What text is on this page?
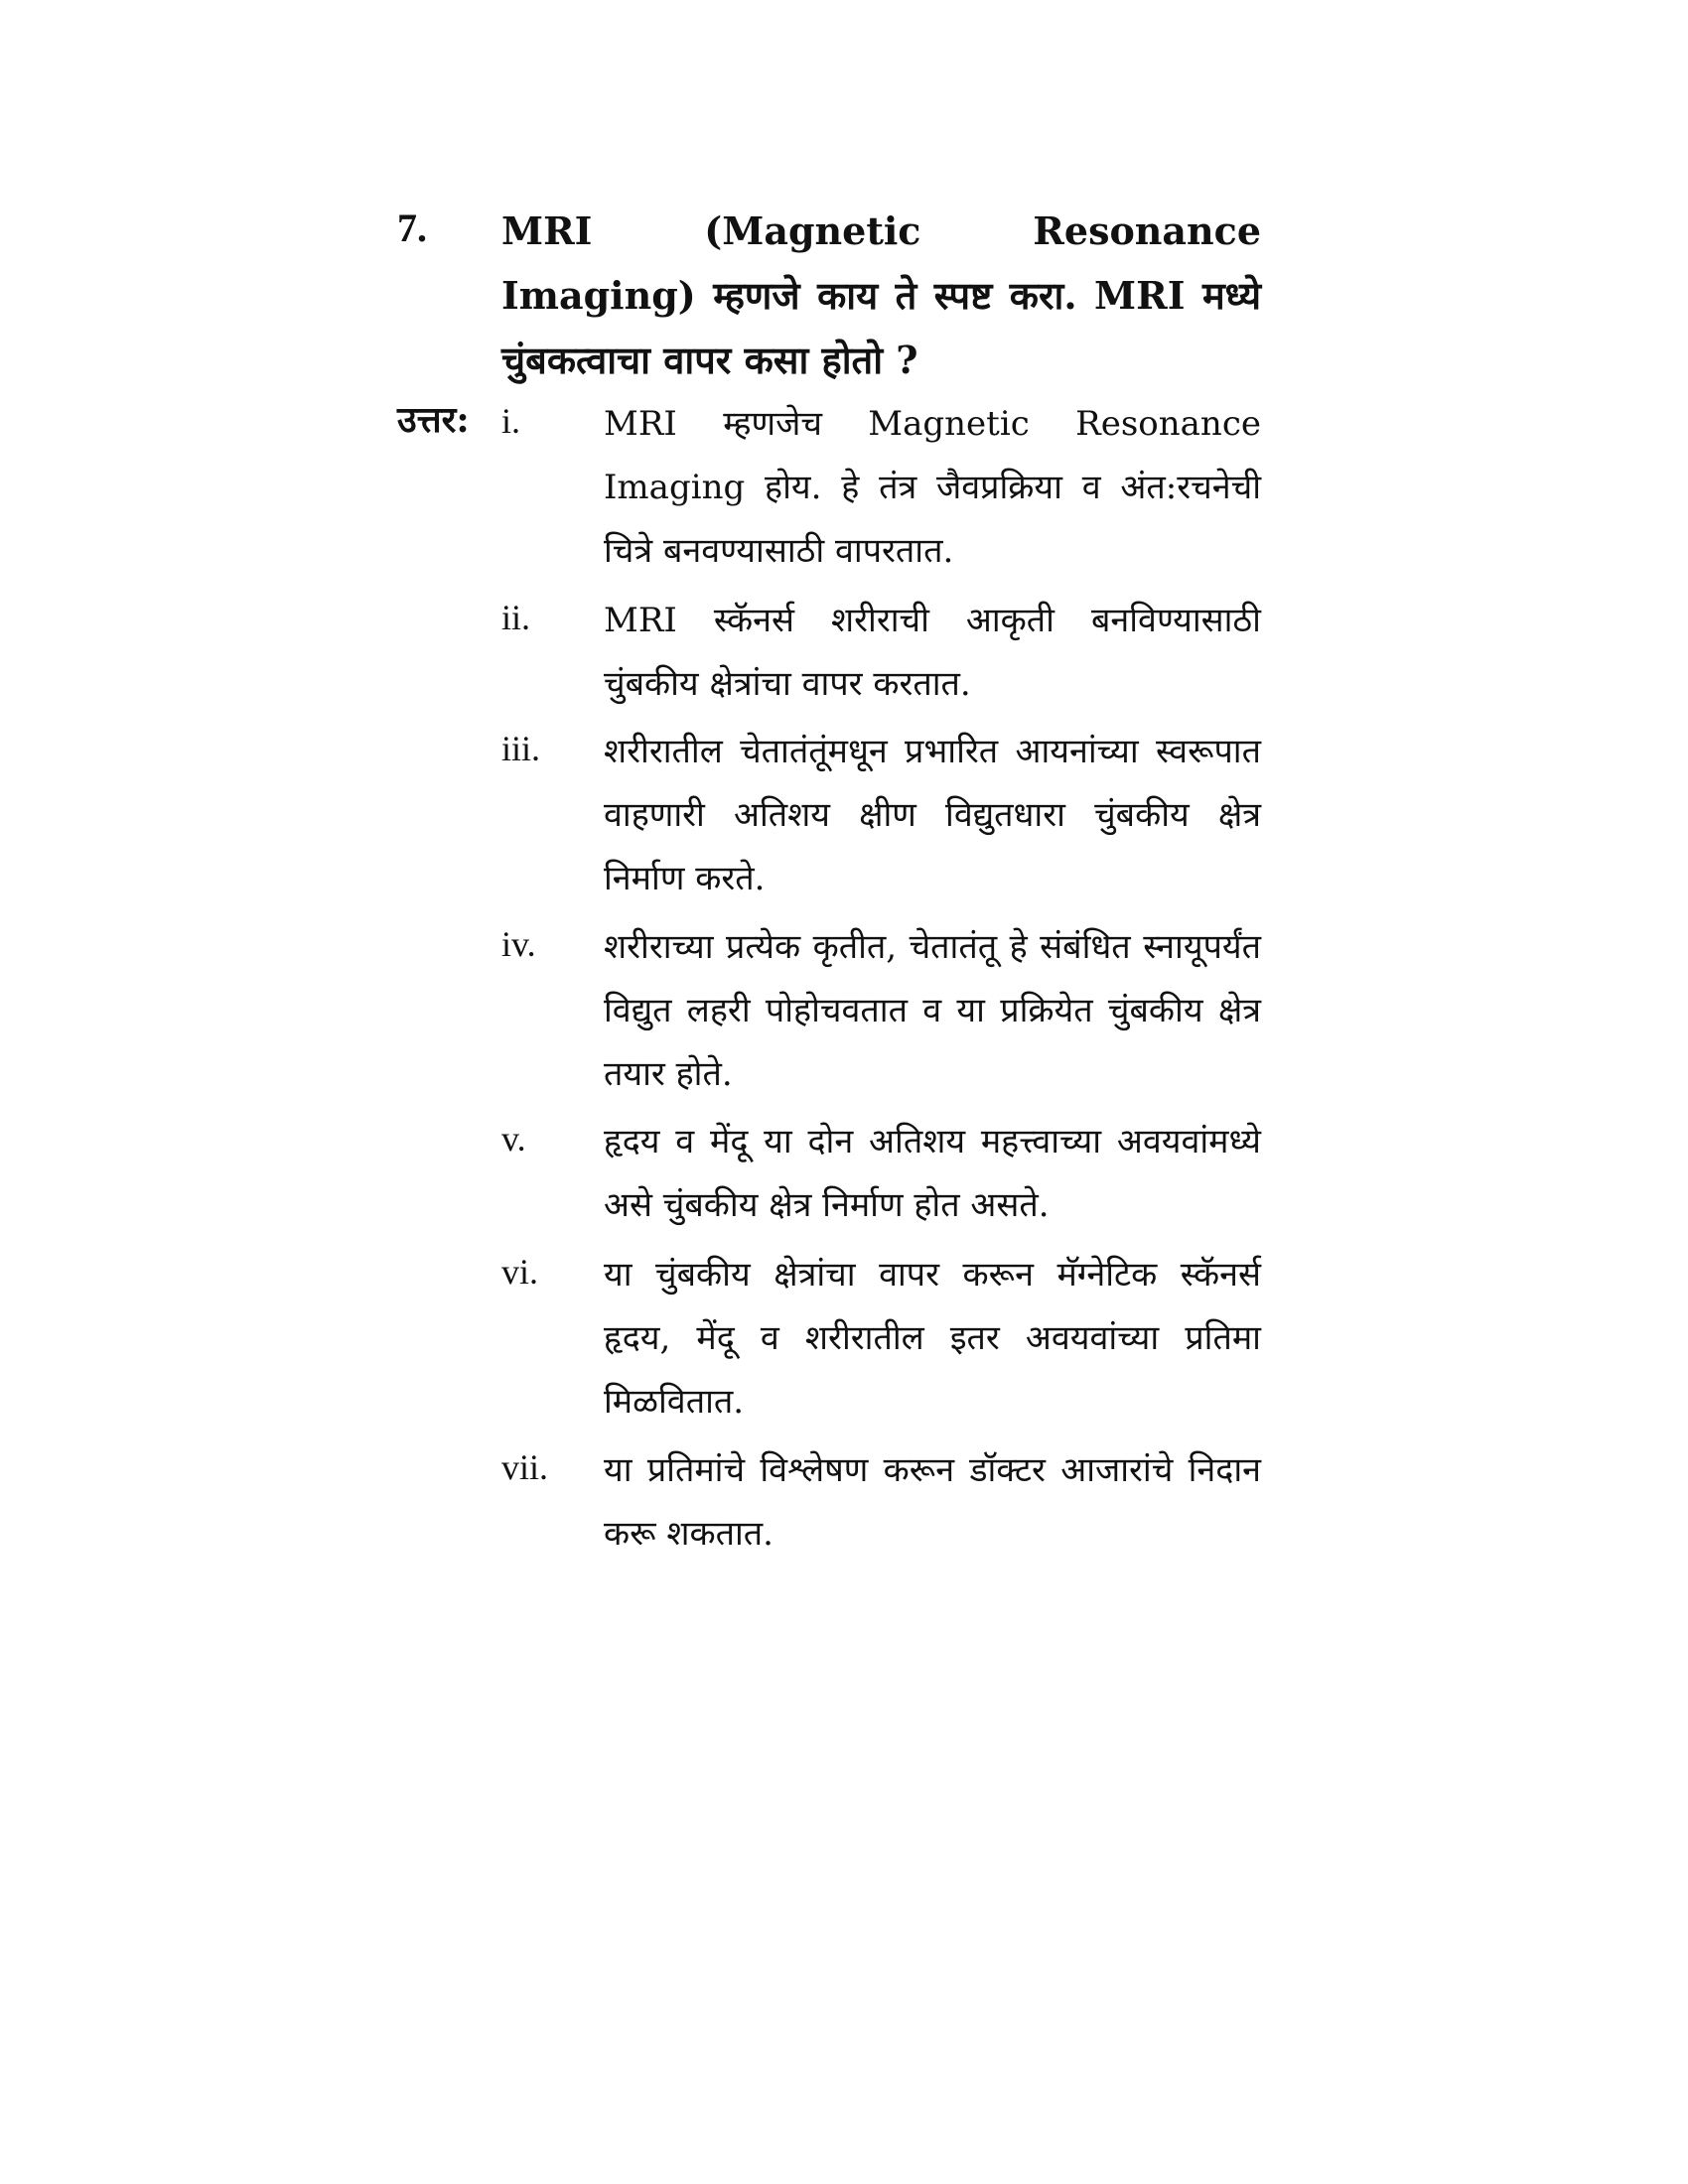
7. MRI (Magnetic Resonance Imaging) म्हणजे काय ते स्पष्ट करा. MRI मध्ये चुंबकत्वाचा वापर कसा होतो ?
उत्तर: i. MRI म्हणजेच Magnetic Resonance Imaging होय. हे तंत्र जैवप्रक्रिया व अंत:रचनेची चित्रे बनवण्यासाठी वापरतात.
ii. MRI स्कॅनर्स शरीराची आकृती बनविण्यासाठी चुंबकीय क्षेत्रांचा वापर करतात.
iii. शरीरातील चेतातंतूंमधून प्रभारित आयनांच्या स्वरूपात वाहणारी अतिशय क्षीण विद्युतधारा चुंबकीय क्षेत्र निर्माण करते.
iv. शरीराच्या प्रत्येक कृतीत, चेतातंतू हे संबंधित स्नायूपर्यंत विद्युत लहरी पोहोचवतात व या प्रक्रियेत चुंबकीय क्षेत्र तयार होते.
v. हृदय व मेंदू या दोन अतिशय महत्त्वाच्या अवयवांमध्ये असे चुंबकीय क्षेत्र निर्माण होत असते.
vi. या चुंबकीय क्षेत्रांचा वापर करून मॅग्नेटिक स्कॅनर्स हृदय, मेंदू व शरीरातील इतर अवयवांच्या प्रतिमा मिळवितात.
vii. या प्रतिमांचे विश्लेषण करून डॉक्टर आजारांचे निदान करू शकतात.
